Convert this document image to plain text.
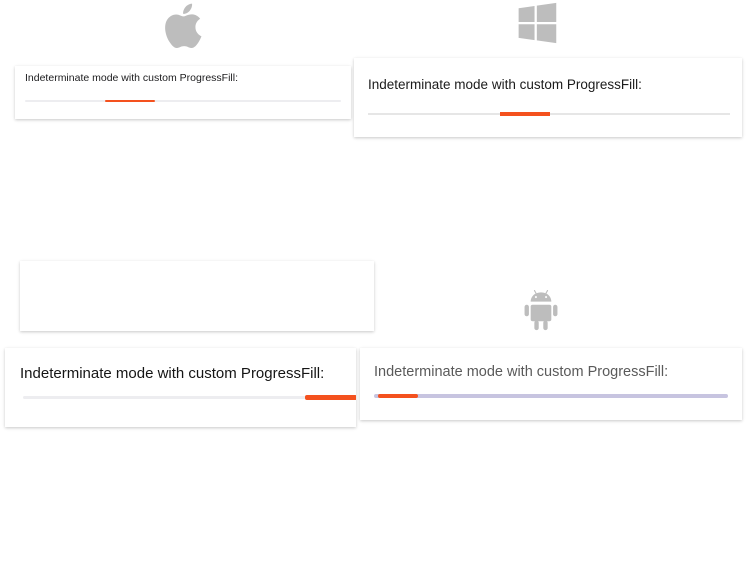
Indeterminate mode with custom ProgressFill:	Indeterminate mode with custom ProgressFill:
Indeterminate mode with custom ProgressFill:	Indeterminate mode with custom ProgressFill:
